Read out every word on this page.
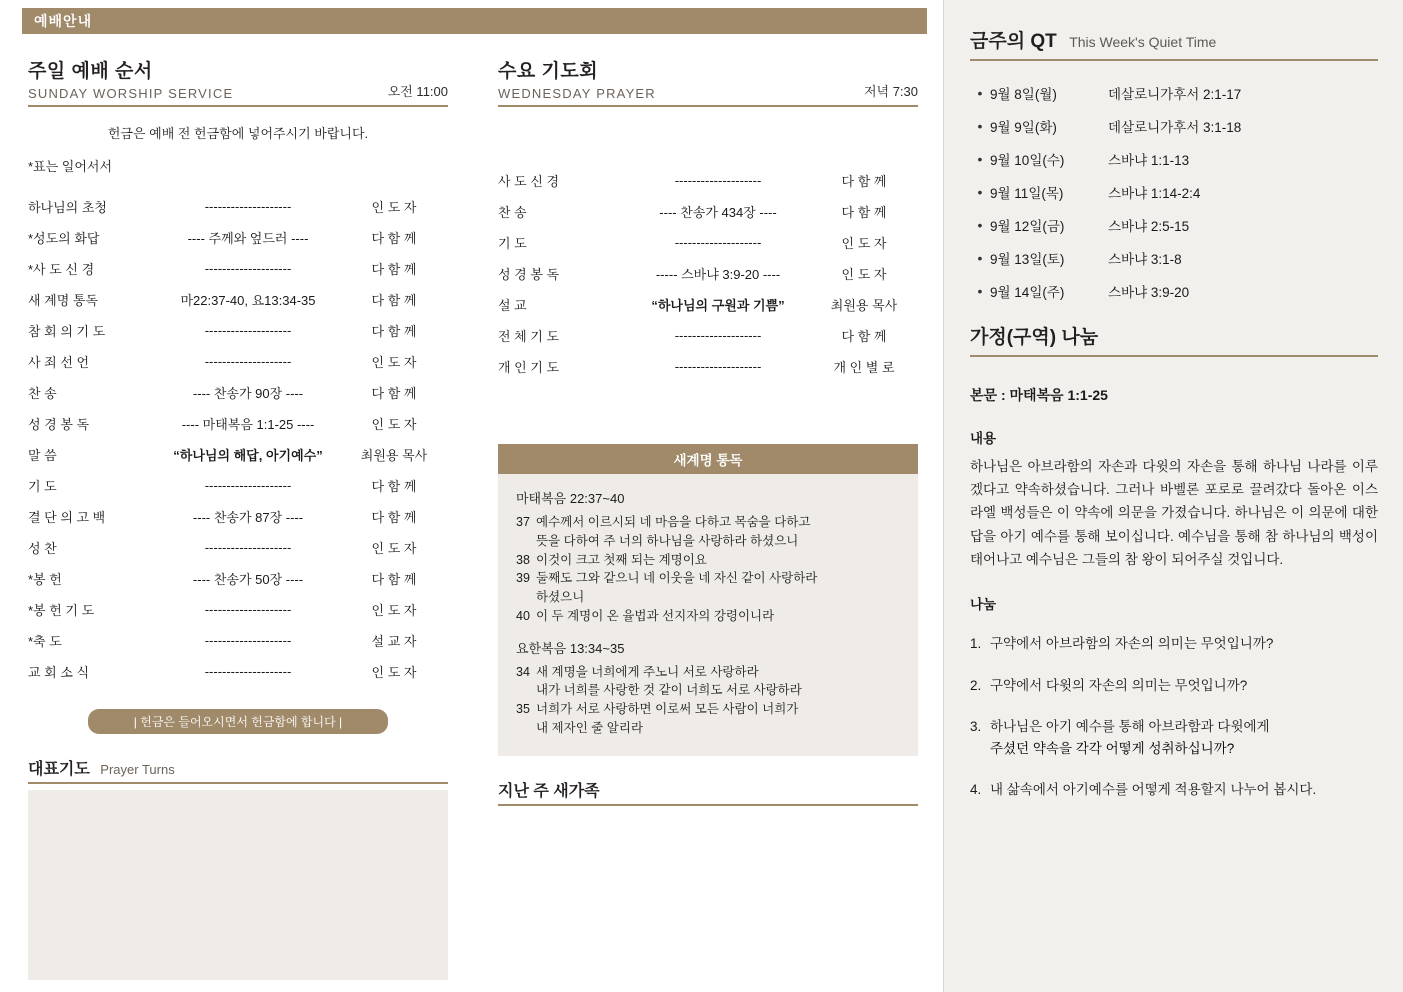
예배안내
주일 예배 순서
SUNDAY WORSHIP SERVICE	오전 11:00
헌금은 예배 전 헌금함에 넣어주시기 바랍니다.
*표는 일어서서
하나님의 초청	--------------------	인 도 자
*성도의 화답	---- 주께와 엎드러 ----	다 함 께
*사 도 신 경	--------------------	다 함 께
새 계명 통독	마22:37-40, 요13:34-35	다 함 께
참 회 의 기 도	--------------------	다 함 께
사 죄 선 언	--------------------	인 도 자
찬 송	---- 찬송가 90장 ----	다 함 께
성 경 봉 독	---- 마태복음 1:1-25 ----	인 도 자
말 씀	“하나님의 해답, 아기예수”	최원용 목사
기 도	--------------------	다 함 께
결 단 의 고 백	---- 찬송가 87장 ----	다 함 께
성 찬	--------------------	인 도 자
*봉 헌	---- 찬송가 50장 ----	다 함 께
*봉 헌 기 도	--------------------	인 도 자
*축 도	--------------------	설 교 자
교 회 소 식	--------------------	인 도 자
| 헌금은 들어오시면서 헌금함에 합니다 |
대표기도 Prayer Turns
수요 기도회
WEDNESDAY PRAYER	저녁 7:30
사 도 신 경	--------------------	다 함 께
찬 송	---- 찬송가 434장 ----	다 함 께
기 도	--------------------	인 도 자
성 경 봉 독	----- 스바냐 3:9-20 ----	인 도 자
설 교	“하나님의 구원과 기쁨”	최원용 목사
전 체 기 도	--------------------	다 함 께
개 인 기 도	--------------------	개 인 별 로
새계명 통독
마태복음 22:37~40
37 예수께서 이르시되 네 마음을 다하고 목숨을 다하고
뜻을 다하여 주 너의 하나님을 사랑하라 하셨으니
38 이것이 크고 첫째 되는 계명이요
39 둘째도 그와 같으니 네 이웃을 네 자신 같이 사랑하라
하셨으니
40 이 두 계명이 온 율법과 선지자의 강령이니라
요한복음 13:34~35
34 새 계명을 너희에게 주노니 서로 사랑하라
내가 너희를 사랑한 것 같이 너희도 서로 사랑하라
35 너희가 서로 사랑하면 이로써 모든 사람이 너희가
내 제자인 줄 알리라
지난 주 새가족
금주의 QT This Week's Quiet Time
• 9월 8일(월)	데살로니가후서 2:1-17
• 9월 9일(화)	데살로니가후서 3:1-18
• 9월 10일(수)	스바냐 1:1-13
• 9월 11일(목)	스바냐 1:14-2:4
• 9월 12일(금)	스바냐 2:5-15
• 9월 13일(토)	스바냐 3:1-8
• 9월 14일(주)	스바냐 3:9-20
가정(구역) 나눔
본문 : 마태복음 1:1-25
내용
하나님은 아브라함의 자손과 다윗의 자손을 통해 하나님 나라를 이루겠다고 약속하셨습니다. 그러나 바벨론 포로로 끌려갔다 돌아온 이스라엘 백성들은 이 약속에 의문을 가졌습니다. 하나님은 이 의문에 대한 답을 아기 예수를 통해 보이십니다. 예수님을 통해 참 하나님의 백성이 태어나고 예수님은 그들의 참 왕이 되어주실 것입니다.
나눔
1. 구약에서 아브라함의 자손의 의미는 무엇입니까?
2. 구약에서 다윗의 자손의 의미는 무엇입니까?
3. 하나님은 아기 예수를 통해 아브라함과 다윗에게
주셨던 약속을 각각 어떻게 성취하십니까?
4. 내 삶속에서 아기예수를 어떻게 적용할지 나누어 봅시다.
